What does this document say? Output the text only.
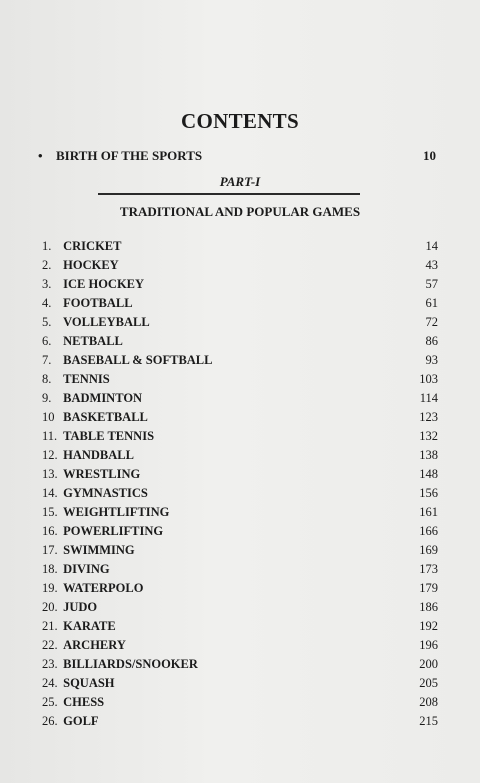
CONTENTS
• BIRTH OF THE SPORTS	10
PART-I
TRADITIONAL AND POPULAR GAMES
1. CRICKET	14
2. HOCKEY	43
3. ICE HOCKEY	57
4. FOOTBALL	61
5. VOLLEYBALL	72
6. NETBALL	86
7. BASEBALL & SOFTBALL	93
8. TENNIS	103
9. BADMINTON	114
10 BASKETBALL	123
11. TABLE TENNIS	132
12. HANDBALL	138
13. WRESTLING	148
14. GYMNASTICS	156
15. WEIGHTLIFTING	161
16. POWERLIFTING	166
17. SWIMMING	169
18. DIVING	173
19. WATERPOLO	179
20. JUDO	186
21. KARATE	192
22. ARCHERY	196
23. BILLIARDS/SNOOKER	200
24. SQUASH	205
25. CHESS	208
26. GOLF	215
